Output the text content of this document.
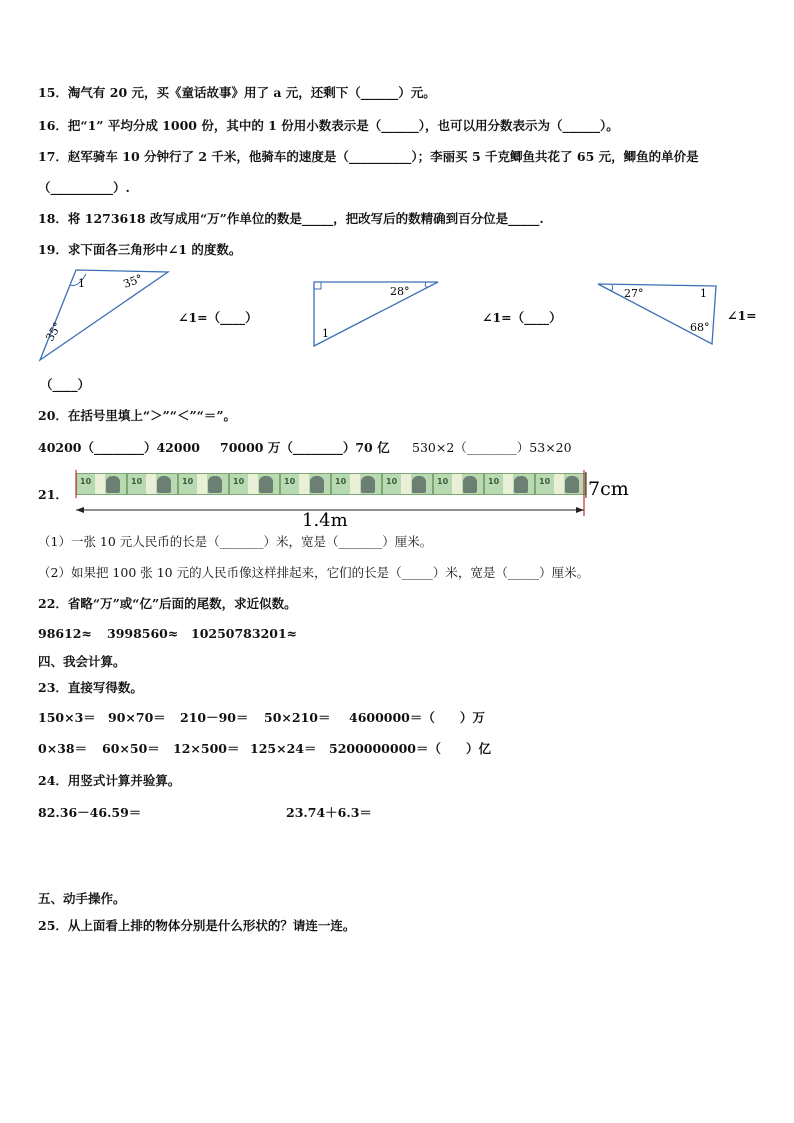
15．淘气有 20 元，买《童话故事》用了 a 元，还剩下（______）元。
16．把“1” 平均分成 1000 份，其中的 1 份用小数表示是（______），也可以用分数表示为（______）。
17．赵军骑车 10 分钟行了 2 千米，他骑车的速度是（__________）；李丽买 5 千克鲫鱼共花了 65 元，鲫鱼的单价是
（__________）.
18．将 1273618 改写成用“万”作单位的数是_____，把改写后的数精确到百分位是_____.
19．求下面各三角形中∠1 的度数。
1	35°
35°
∠1=（____）
28°
1
∠1=（____）
27°	1
68°
∠1=
（____）
20．在括号里填上“＞”“＜”“＝”。
40200（________）42000 70000 万（________）70 亿 530×2（________）53×20
21．
10	10	10	10	10	10	10	10	10	10 7cm
1.4m
（1）一张 10 元人民币的长是（_______）米，宽是（_______）厘米。
（2）如果把 100 张 10 元的人民币像这样排起来，它们的长是（_____）米，宽是（_____）厘米。
22．省略“万”或“亿”后面的尾数，求近似数。
98612≈ 3998560≈ 10250783201≈
四、我会计算。
23．直接写得数。
150×3＝ 90×70＝ 210－90＝ 50×210＝ 4600000＝（　　）万
0×38＝ 60×50＝ 12×500＝ 125×24＝ 5200000000＝（　　）亿
24．用竖式计算并验算。
82.36－46.59＝	23.74＋6.3＝
五、动手操作。
25．从上面看上排的物体分别是什么形状的？请连一连。
